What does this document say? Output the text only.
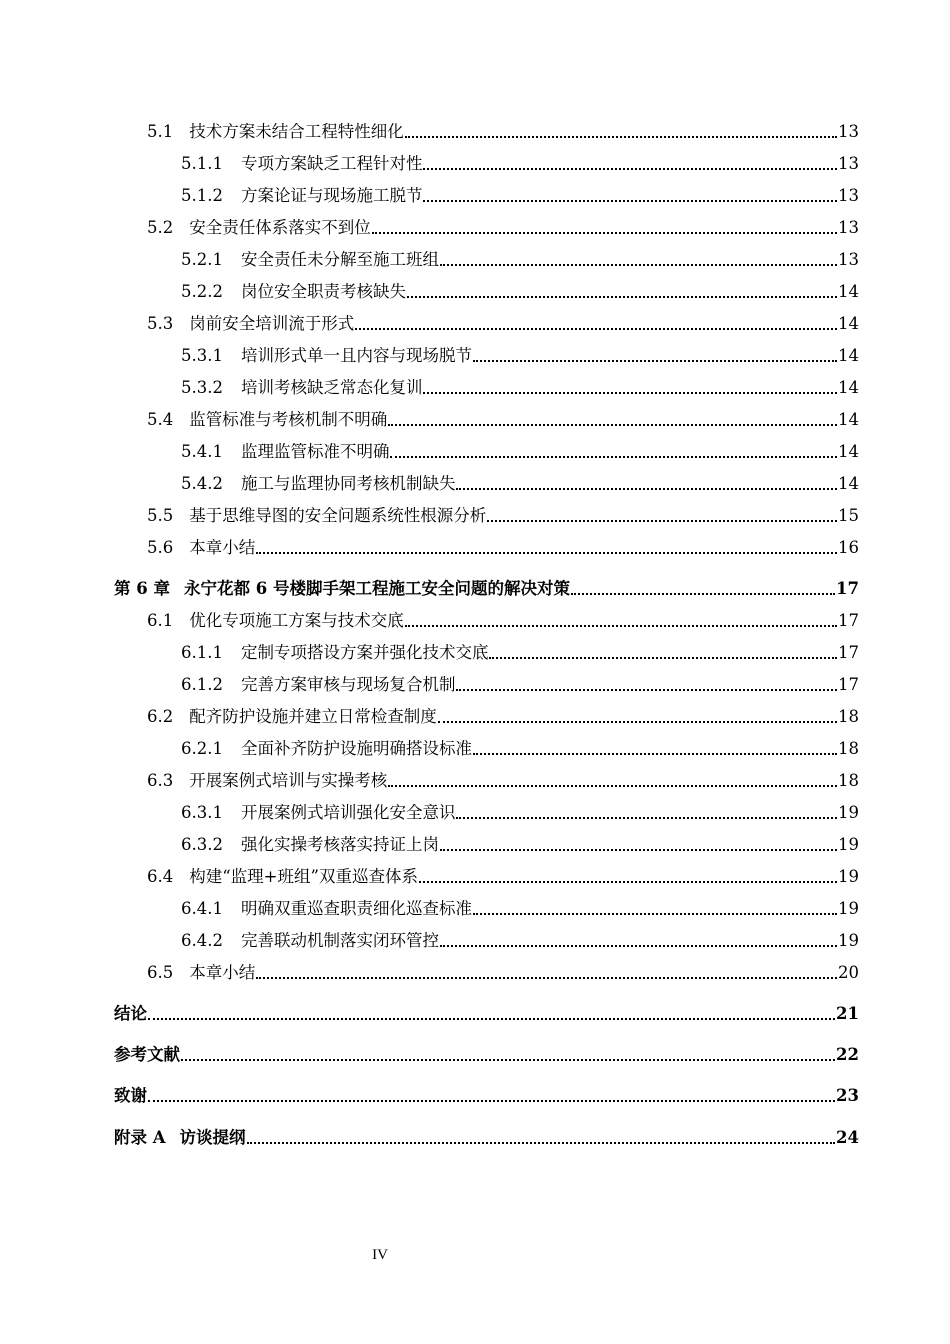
5.1 技术方案未结合工程特性细化	13
5.1.1 专项方案缺乏工程针对性	13
5.1.2 方案论证与现场施工脱节	13
5.2 安全责任体系落实不到位	13
5.2.1 安全责任未分解至施工班组	13
5.2.2 岗位安全职责考核缺失	14
5.3 岗前安全培训流于形式	14
5.3.1 培训形式单一且内容与现场脱节	14
5.3.2 培训考核缺乏常态化复训	14
5.4 监管标准与考核机制不明确	14
5.4.1 监理监管标准不明确	14
5.4.2 施工与监理协同考核机制缺失	14
5.5 基于思维导图的安全问题系统性根源分析	15
5.6 本章小结	16
第 6 章 永宁花都 6 号楼脚手架工程施工安全问题的解决对策	17
6.1 优化专项施工方案与技术交底	17
6.1.1 定制专项搭设方案并强化技术交底	17
6.1.2 完善方案审核与现场复合机制	17
6.2 配齐防护设施并建立日常检查制度	18
6.2.1 全面补齐防护设施明确搭设标准	18
6.3 开展案例式培训与实操考核	18
6.3.1 开展案例式培训强化安全意识	19
6.3.2 强化实操考核落实持证上岗	19
6.4 构建“监理+班组”双重巡查体系	19
6.4.1 明确双重巡查职责细化巡查标准	19
6.4.2 完善联动机制落实闭环管控	19
6.5 本章小结	20
结论	21
参考文献	22
致谢	23
附录 A 访谈提纲	24
IV
